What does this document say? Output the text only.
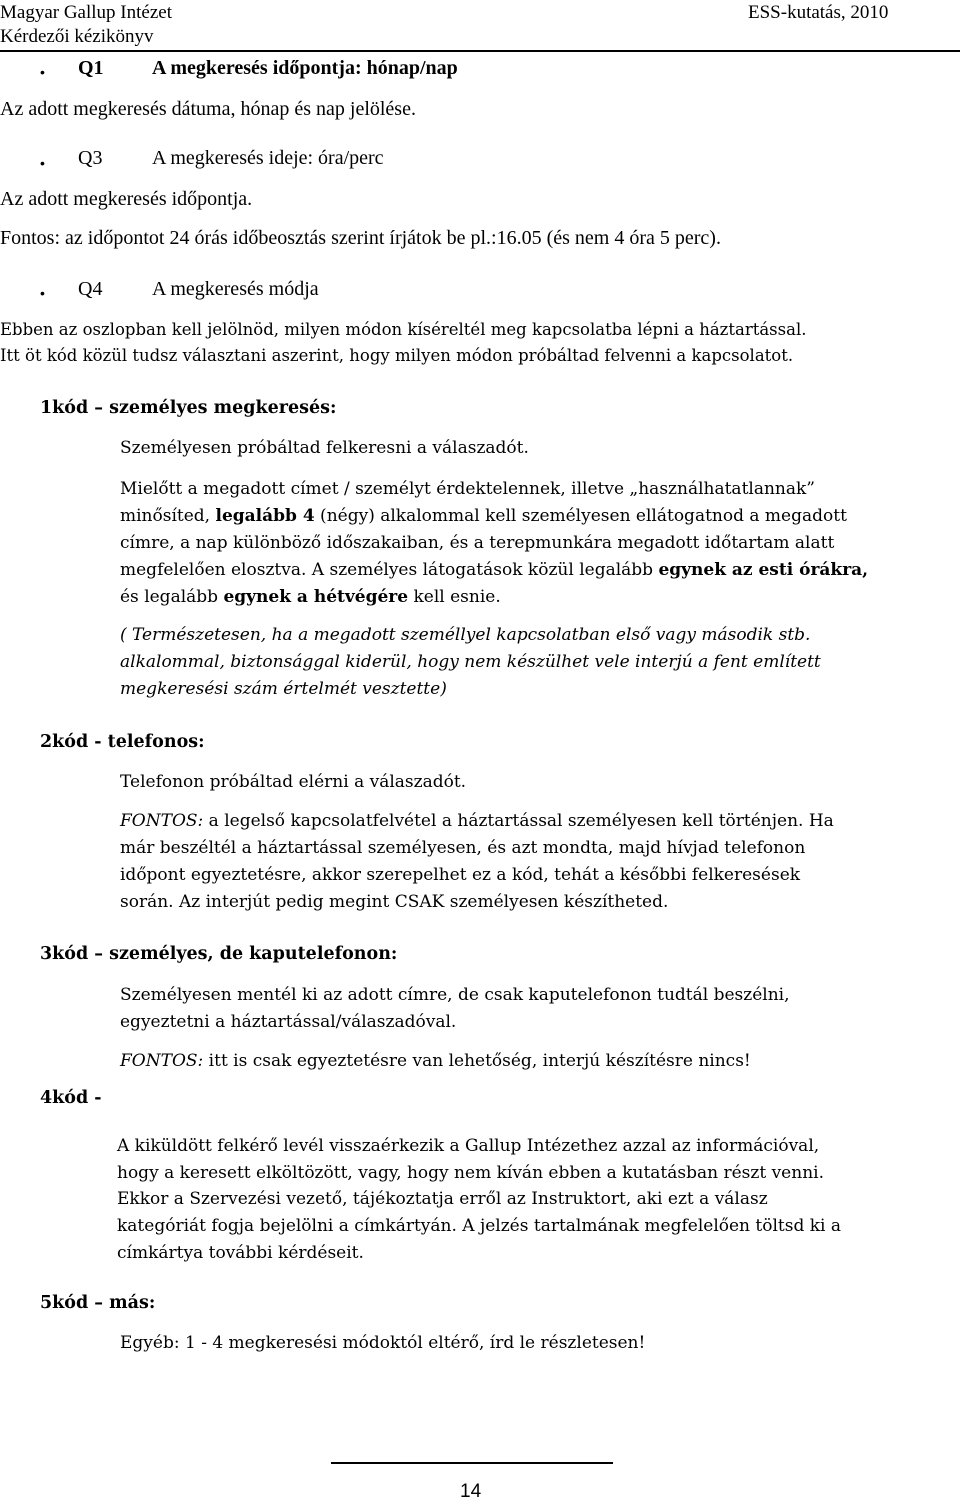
Magyar Gallup Intézet
Kérdezői kézikönyv
ESS-kutatás, 2010
• Q1 A megkeresés időpontja: hónap/nap
Az adott megkeresés dátuma, hónap és nap jelölése.
• Q3 A megkeresés ideje: óra/perc
Az adott megkeresés időpontja.
Fontos: az időpontot 24 órás időbeosztás szerint írjátok be pl.:16.05 (és nem 4 óra 5 perc).
• Q4 A megkeresés módja
Ebben az oszlopban kell jelölnöd, milyen módon kíséreltél meg kapcsolatba lépni a háztartással.
Itt öt kód közül tudsz választani aszerint, hogy milyen módon próbáltad felvenni a kapcsolatot.
1kód – személyes megkeresés:
Személyesen próbáltad felkeresni a válaszadót.
Mielőtt a megadott címet / személyt érdektelennek, illetve „használhatatlannak”
minősíted, legalább 4 (négy) alkalommal kell személyesen ellátogatnod a megadott
címre, a nap különböző időszakaiban, és a terepmunkára megadott időtartam alatt
megfelelően elosztva. A személyes látogatások közül legalább egynek az esti órákra,
és legalább egynek a hétvégére kell esnie.
( Természetesen, ha a megadott személlyel kapcsolatban első vagy második stb.
alkalommal, biztonsággal kiderül, hogy nem készülhet vele interjú a fent említett
megkeresési szám értelmét vesztette)
2kód - telefonos:
Telefonon próbáltad elérni a válaszadót.
FONTOS: a legelső kapcsolatfelvétel a háztartással személyesen kell történjen. Ha
már beszéltél a háztartással személyesen, és azt mondta, majd hívjad telefonon
időpont egyeztetésre, akkor szerepelhet ez a kód, tehát a későbbi felkeresések
során. Az interjút pedig megint CSAK személyesen készítheted.
3kód – személyes, de kaputelefonon:
Személyesen mentél ki az adott címre, de csak kaputelefonon tudtál beszélni,
egyeztetni a háztartással/válaszadóval.
FONTOS: itt is csak egyeztetésre van lehetőség, interjú készítésre nincs!
4kód -
A kiküldött felkérő levél visszaérkezik a Gallup Intézethez azzal az információval,
hogy a keresett elköltözött, vagy, hogy nem kíván ebben a kutatásban részt venni.
Ekkor a Szervezési vezető, tájékoztatja erről az Instruktort, aki ezt a válasz
kategóriát fogja bejelölni a címkártyán. A jelzés tartalmának megfelelően töltsd ki a
címkártya további kérdéseit.
5kód – más:
Egyéb: 1 - 4 megkeresési módoktól eltérő, írd le részletesen!
14
